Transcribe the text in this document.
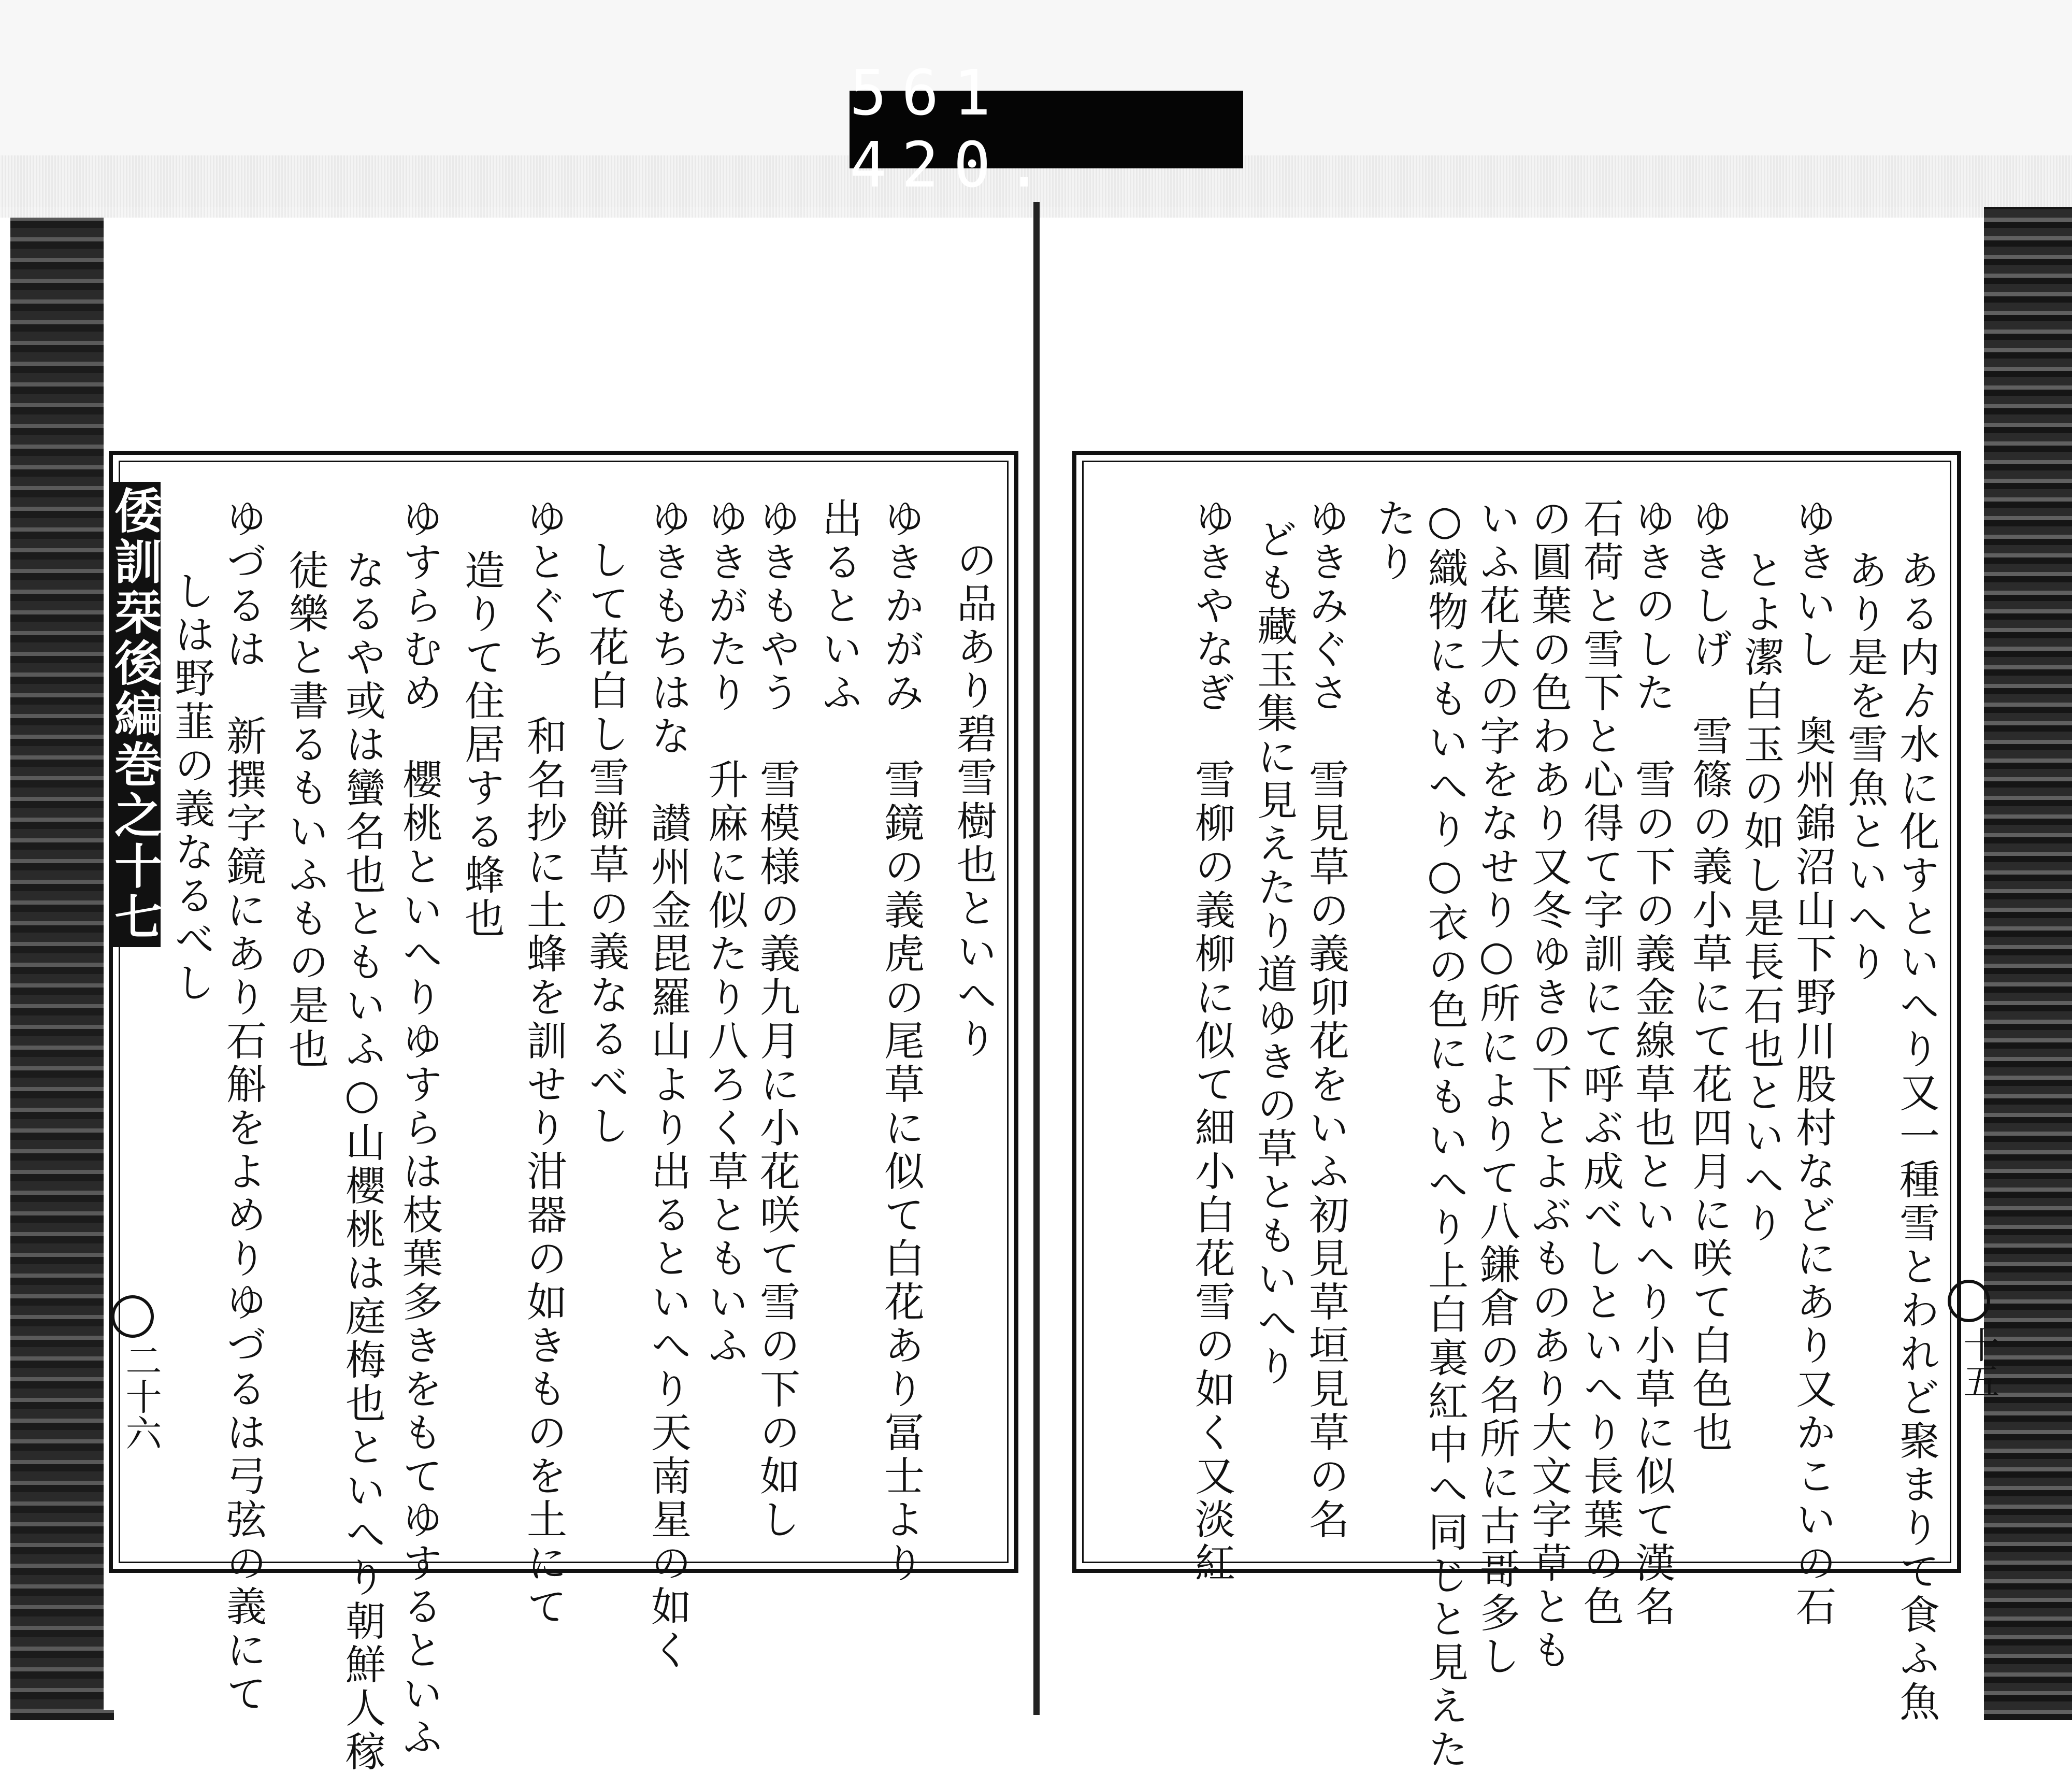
561 420.
ある内ゟ水に化すといへり又一種雪とわれど聚まりて食ふ魚
あり是を雪魚といへり
ゆきいし　奥州錦沼山下野川股村などにあり又かこいの石
とよ潔白玉の如し是長石也といへり
ゆきしげ　雪篠の義小草にて花四月に咲て白色也
ゆきのした　雪の下の義金線草也といへり小草に似て漢名
石荷と雪下と心得て字訓にて呼ぶ成べしといへり長葉の色
の圓葉の色わあり又冬ゆきの下とよぶものあり大文字草とも
いふ花大の字をなせり○所によりて八鎌倉の名所に古哥多し
○織物にもいへり○衣の色にもいへり上白裏紅中へ同じと見えた
たり
ゆきみぐさ　雪見草の義卯花をいふ初見草垣見草の名
ども藏玉集に見えたり道ゆきの草ともいへり
ゆきやなぎ　雪柳の義柳に似て細小白花雪の如く又淡紅	十五
の品あり碧雪樹也といへり
ゆきかがみ　雪鏡の義虎の尾草に似て白花あり冨士より
出るといふ
ゆきもやう　雪模様の義九月に小花咲て雪の下の如し
ゆきがたり　升麻に似たり八ろく草ともいふ
ゆきもちはな　讃州金毘羅山より出るといへり天南星の如く
して花白し雪餅草の義なるべし
ゆとぐち　和名抄に土蜂を訓せり泔器の如きものを土にて
造りて住居する蜂也
ゆすらむめ　櫻桃といへりゆすらは枝葉多きをもてゆするといふ
なるや或は蠻名也ともいふ○山櫻桃は庭梅也といへり朝鮮人稼
徒樂と書るもいふもの是也
ゆづるは　新撰字鏡にあり石斛をよめりゆづるは弓弦の義にて
しは野韮の義なるべし
倭訓栞後編巻之十七
二十六
